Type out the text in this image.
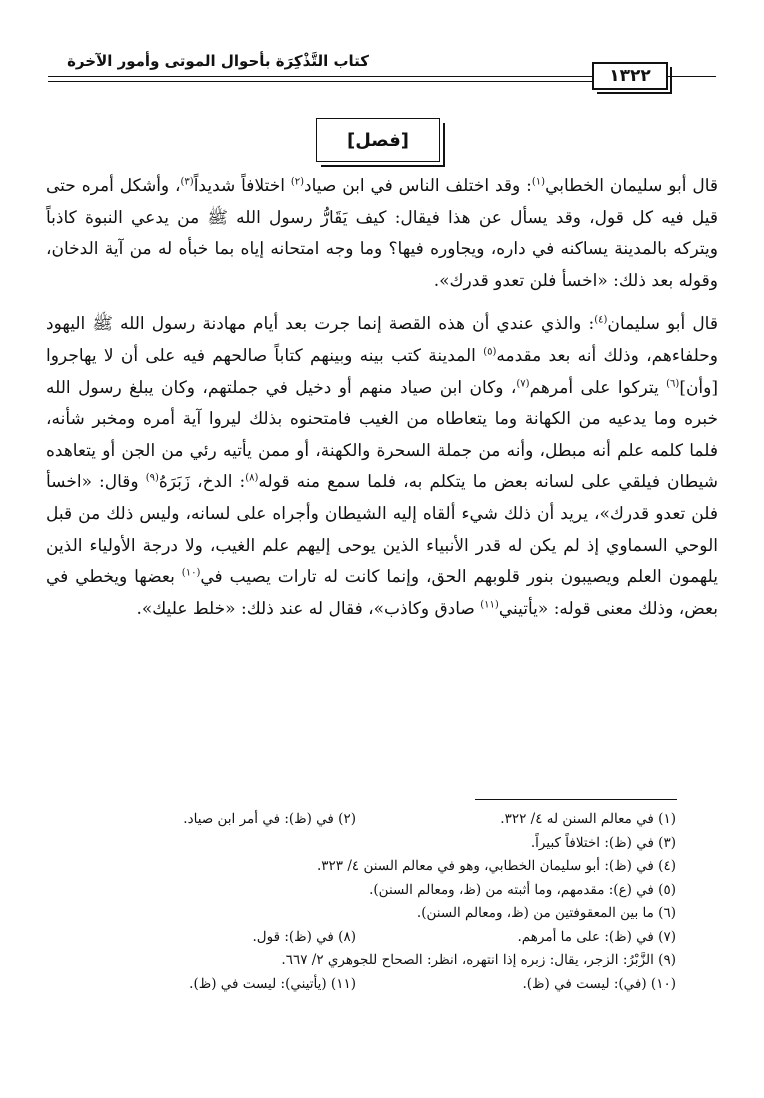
كتاب التَّذْكِرَة بأحوال الموتى وأمور الآخرة
١٣٢٢
[فصل]

قال أبو سليمان الخطابي$^{(١)}$: وقد اختلف الناس في ابن صياد$^{(٢)}$ اختلافاً شديداً$^{(٣)}$، وأشكل أمره حتى قيل فيه كل قول، وقد يسأل عن هذا فيقال: كيف يَقَارُّ رسول الله ﷺ من يدعي النبوة كاذباً ويتركه بالمدينة يساكنه في داره، ويجاوره فيها؟ وما وجه امتحانه إياه بما خبأه له من آية الدخان، وقوله بعد ذلك: «اخسأ فلن تعدو قدرك».

قال أبو سليمان$^{(٤)}$: والذي عندي أن هذه القصة إنما جرت بعد أيام مهادنة رسول الله ﷺ اليهود وحلفاءهم، وذلك أنه بعد مقدمه$^{(٥)}$ المدينة كتب بينه وبينهم كتاباً صالحهم فيه على أن لا يهاجروا [وأن]$^{(٦)}$ يتركوا على أمرهم$^{(٧)}$، وكان ابن صياد منهم أو دخيل في جملتهم، وكان يبلغ رسول الله خبره وما يدعيه من الكهانة وما يتعاطاه من الغيب فامتحنوه بذلك ليروا آية أمره ومخبر شأنه، فلما كلمه علم أنه مبطل، وأنه من جملة السحرة والكهنة، أو ممن يأتيه رئي من الجن أو يتعاهده شيطان فيلقي على لسانه بعض ما يتكلم به، فلما سمع منه قوله$^{(٨)}$: الدخ، زَبَرَهُ$^{(٩)}$ وقال: «اخسأ فلن تعدو قدرك»، يريد أن ذلك شيء ألقاه إليه الشيطان وأجراه على لسانه، وليس ذلك من قبل الوحي السماوي إذ لم يكن له قدر الأنبياء الذين يوحى إليهم علم الغيب، ولا درجة الأولياء الذين يلهمون العلم ويصيبون بنور قلوبهم الحق، وإنما كانت له تارات يصيب في$^{(١٠)}$ بعضها ويخطي في بعض، وذلك معنى قوله: «يأتيني$^{(١١)}$ صادق وكاذب»، فقال له عند ذلك: «خلط عليك».

(١) في معالم السنن له ٤/ ٣٢٢.
(٢) في (ظ): في أمر ابن صياد.
(٣) في (ظ): اختلافاً كبيراً.
(٤) في (ظ): أبو سليمان الخطابي، وهو في معالم السنن ٤/ ٣٢٣.
(٥) في (ع): مقدمهم، وما أثبته من (ظ، ومعالم السنن).
(٦) ما بين المعقوفتين من (ظ، ومعالم السنن).
(٧) في (ظ): على ما أمرهم.
(٨) في (ظ): قول.
(٩) الزَّبْرُ: الزجر، يقال: زبره إذا انتهره، انظر: الصحاح للجوهري ٢/ ٦٦٧.
(١٠) (في): ليست في (ظ).
(١١) (يأتيني): ليست في (ظ).
